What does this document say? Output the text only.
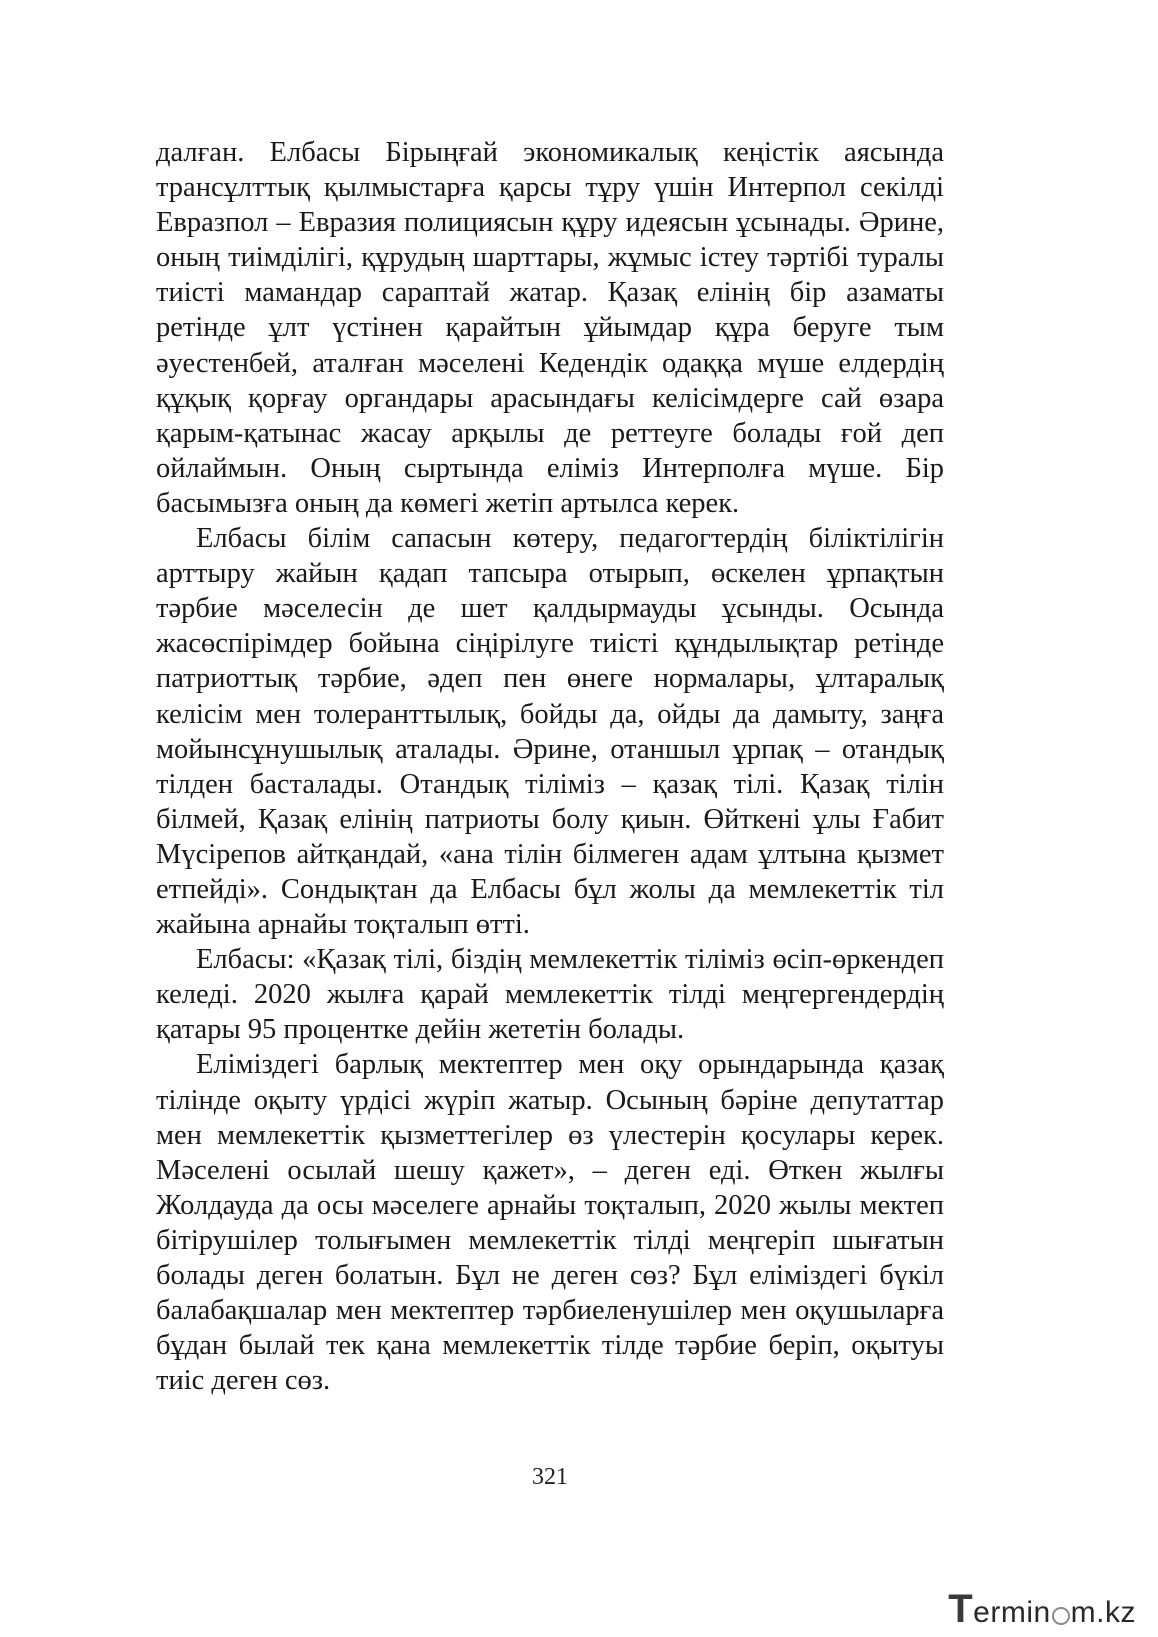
далған. Елбасы Бірыңғай экономикалық кеңістік аясында трансұлттық қылмыстарға қарсы тұру үшін Интерпол секілді Евразпол – Евразия полициясын құру идеясын ұсынады. Әрине, оның тиімділігі, құрудың шарттары, жұмыс істеу тәртібі туралы тиісті мамандар сараптай жатар. Қазақ елінің бір азаматы ретінде ұлт үстінен қарайтын ұйымдар құра беруге тым әуестенбей, аталған мәселені Кедендік одаққа мүше елдердің құқық қорғау органдары арасындағы келісімдерге сай өзара қарым-қатынас жасау арқылы де реттеуге болады ғой деп ойлаймын. Оның сыртында еліміз Интерполға мүше. Бір басымызға оның да көмегі жетіп артылса керек.

Елбасы білім сапасын көтеру, педагогтердің біліктілігін арттыру жайын қадап тапсыра отырып, өскелен ұрпақтын тәрбие мәселесін де шет қалдырмауды ұсынды. Осында жасөспірімдер бойына сіңірілуге тиісті құндылықтар ретінде патриоттық тәрбие, әдеп пен өнеге нормалары, ұлтаралық келісім мен толеранттылық, бойды да, ойды да дамыту, заңға мойынсұнушылық аталады. Әрине, отаншыл ұрпақ – отандық тілден басталады. Отандық тіліміз – қазақ тілі. Қазақ тілін білмей, Қазақ елінің патриоты болу қиын. Өйткені ұлы Ғабит Мүсірепов айтқандай, «ана тілін білмеген адам ұлтына қызмет етпейді». Сондықтан да Елбасы бұл жолы да мемлекеттік тіл жайына арнайы тоқталып өтті.

Елбасы: «Қазақ тілі, біздің мемлекеттік тіліміз өсіп-өркендеп келеді. 2020 жылға қарай мемлекеттік тілді меңгергендердің қатары 95 процентке дейін жететін болады.

Еліміздегі барлық мектептер мен оқу орындарында қазақ тілінде оқыту үрдісі жүріп жатыр. Осының бәріне депутаттар мен мемлекеттік қызметтегілер өз үлестерін қосулары керек. Мәселені осылай шешу қажет», – деген еді. Өткен жылғы Жолдауда да осы мәселеге арнайы тоқталып, 2020 жылы мектеп бітірушілер толығымен мемлекеттік тілді меңгеріп шығатын болады деген болатын. Бұл не деген сөз? Бұл еліміздегі бүкіл балабақшалар мен мектептер тәрбиеленушілер мен оқушыларға бұдан былай тек қана мемлекеттік тілде тәрбие беріп, оқытуы тиіс деген сөз.

321
T ermin m.kz
